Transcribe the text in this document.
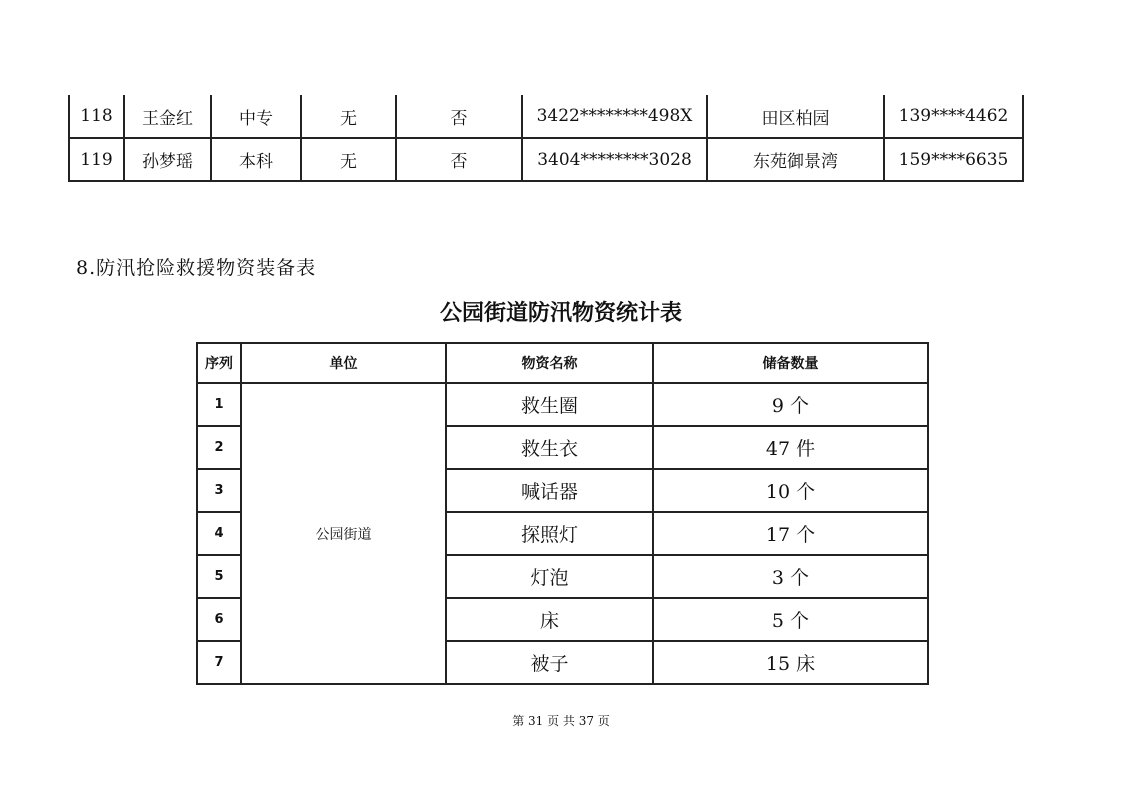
118	王金红	中专	无	否	3422********498X	田区柏园	139****4462
119	孙梦瑶	本科	无	否	3404********3028	东苑御景湾	159****6635
8.防汛抢险救援物资装备表
公园街道防汛物资统计表
序列	单位	物资名称	储备数量
1	公园街道	救生圈	9 个
2		救生衣	47 件
3		喊话器	10 个
4		探照灯	17 个
5		灯泡	3 个
6		床	5 个
7		被子	15 床
第 31 页 共 37 页
